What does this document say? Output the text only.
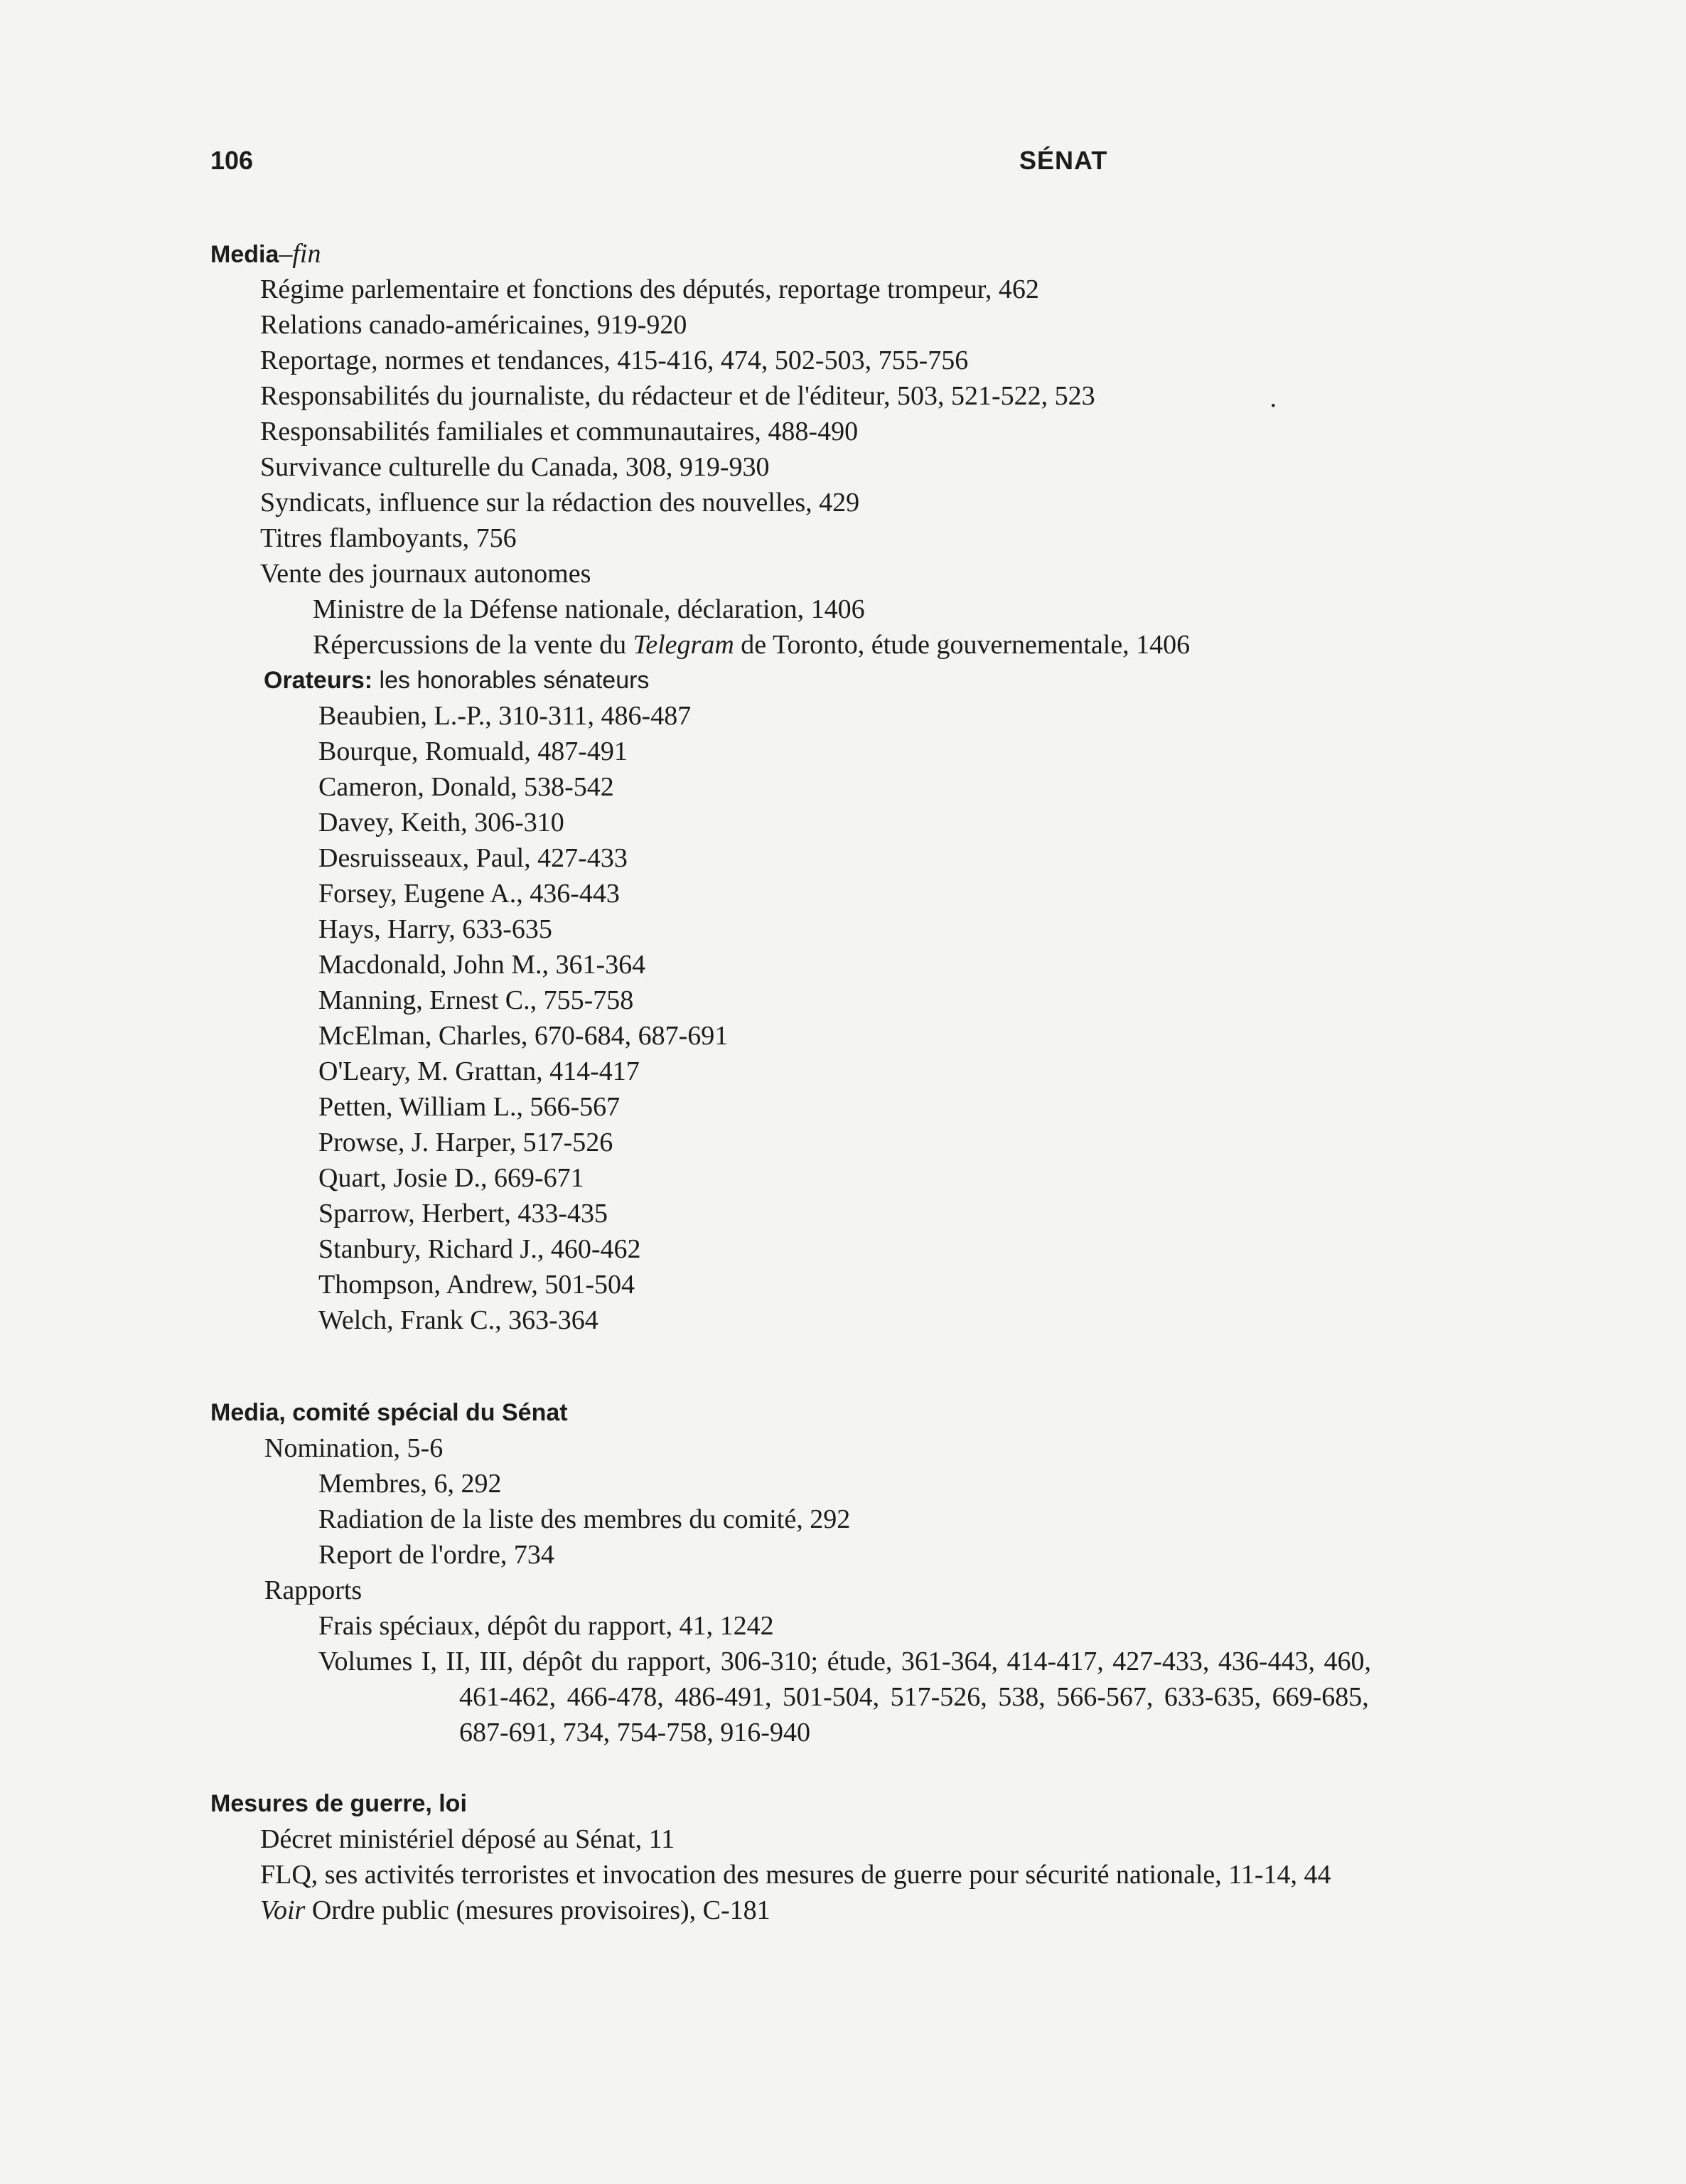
106	SÉNAT
·
Media–fin
Régime parlementaire et fonctions des députés, reportage trompeur, 462
Relations canado-américaines, 919-920
Reportage, normes et tendances, 415-416, 474, 502-503, 755-756
Responsabilités du journaliste, du rédacteur et de l'éditeur, 503, 521-522, 523
Responsabilités familiales et communautaires, 488-490
Survivance culturelle du Canada, 308, 919-930
Syndicats, influence sur la rédaction des nouvelles, 429
Titres flamboyants, 756
Vente des journaux autonomes
Ministre de la Défense nationale, déclaration, 1406
Répercussions de la vente du Telegram de Toronto, étude gouvernementale, 1406
Orateurs: les honorables sénateurs
Beaubien, L.-P., 310-311, 486-487
Bourque, Romuald, 487-491
Cameron, Donald, 538-542
Davey, Keith, 306-310
Desruisseaux, Paul, 427-433
Forsey, Eugene A., 436-443
Hays, Harry, 633-635
Macdonald, John M., 361-364
Manning, Ernest C., 755-758
McElman, Charles, 670-684, 687-691
O'Leary, M. Grattan, 414-417
Petten, William L., 566-567
Prowse, J. Harper, 517-526
Quart, Josie D., 669-671
Sparrow, Herbert, 433-435
Stanbury, Richard J., 460-462
Thompson, Andrew, 501-504
Welch, Frank C., 363-364
Media, comité spécial du Sénat
Nomination, 5-6
Membres, 6, 292
Radiation de la liste des membres du comité, 292
Report de l'ordre, 734
Rapports
Frais spéciaux, dépôt du rapport, 41, 1242
Volumes I, II, III, dépôt du rapport, 306-310; étude, 361-364, 414-417, 427-433, 436-443, 460,
461-462, 466-478, 486-491, 501-504, 517-526, 538, 566-567, 633-635, 669-685,
687-691, 734, 754-758, 916-940
Mesures de guerre, loi
Décret ministériel déposé au Sénat, 11
FLQ, ses activités terroristes et invocation des mesures de guerre pour sécurité nationale, 11-14, 44
Voir Ordre public (mesures provisoires), C-181
